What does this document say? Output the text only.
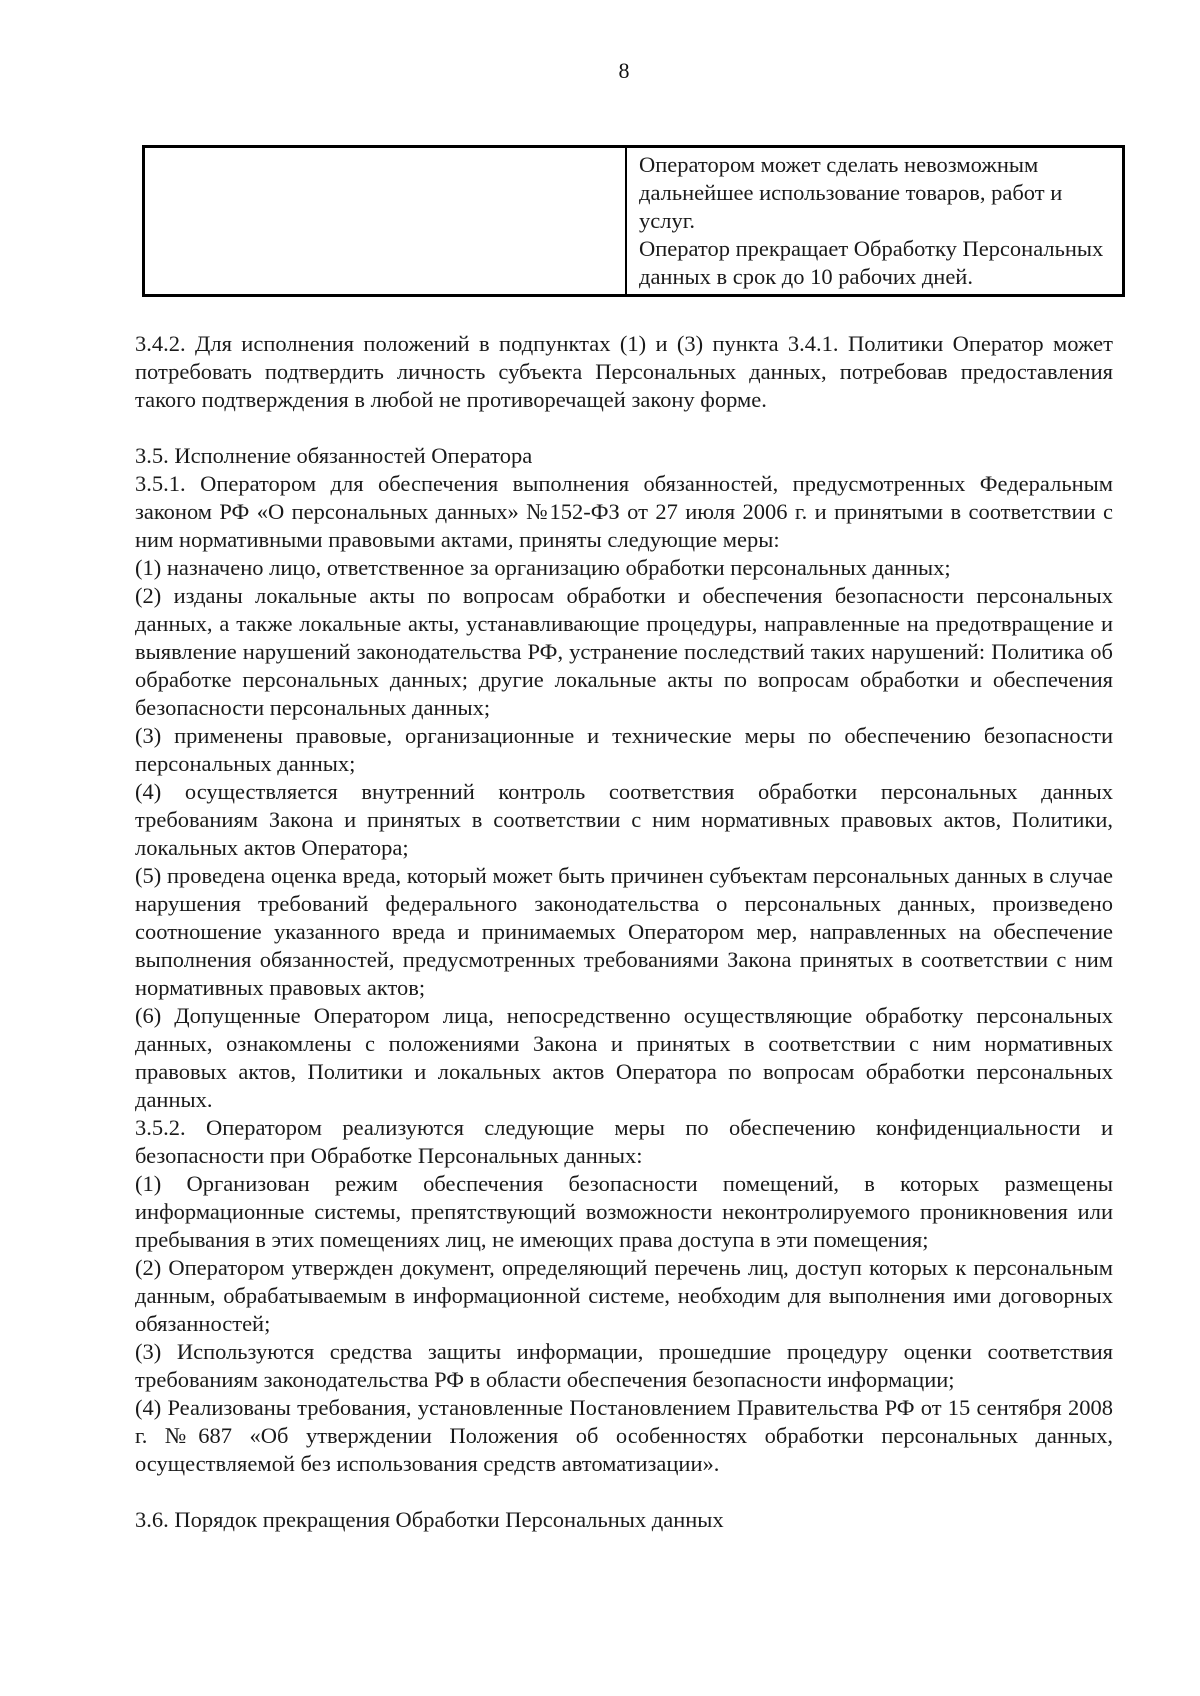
8

Оператором может сделать невозможным дальнейшее использование товаров, работ и услуг.

Оператор прекращает Обработку Персональных данных в срок до 10 рабочих дней.

3.4.2. Для исполнения положений в подпунктах (1) и (3) пункта 3.4.1. Политики Оператор может потребовать подтвердить личность субъекта Персональных данных, потребовав предоставления такого подтверждения в любой не противоречащей закону форме.

3.5. Исполнение обязанностей Оператора

3.5.1. Оператором для обеспечения выполнения обязанностей, предусмотренных Федеральным законом РФ «О персональных данных» №152-ФЗ от 27 июля 2006 г. и принятыми в соответствии с ним нормативными правовыми актами, приняты следующие меры:

(1) назначено лицо, ответственное за организацию обработки персональных данных;

(2) изданы локальные акты по вопросам обработки и обеспечения безопасности персональных данных, а также локальные акты, устанавливающие процедуры, направленные на предотвращение и выявление нарушений законодательства РФ, устранение последствий таких нарушений: Политика об обработке персональных данных; другие локальные акты по вопросам обработки и обеспечения безопасности персональных данных;

(3) применены правовые, организационные и технические меры по обеспечению безопасности персональных данных;

(4) осуществляется внутренний контроль соответствия обработки персональных данных требованиям Закона и принятых в соответствии с ним нормативных правовых актов, Политики, локальных актов Оператора;

(5) проведена оценка вреда, который может быть причинен субъектам персональных данных в случае нарушения требований федерального законодательства о персональных данных, произведено соотношение указанного вреда и принимаемых Оператором мер, направленных на обеспечение выполнения обязанностей, предусмотренных требованиями Закона принятых в соответствии с ним нормативных правовых актов;

(6) Допущенные Оператором лица, непосредственно осуществляющие обработку персональных данных, ознакомлены с положениями Закона и принятых в соответствии с ним нормативных правовых актов, Политики и локальных актов Оператора по вопросам обработки персональных данных.

3.5.2. Оператором реализуются следующие меры по обеспечению конфиденциальности и безопасности при Обработке Персональных данных:

(1) Организован режим обеспечения безопасности помещений, в которых размещены информационные системы, препятствующий возможности неконтролируемого проникновения или пребывания в этих помещениях лиц, не имеющих права доступа в эти помещения;

(2) Оператором утвержден документ, определяющий перечень лиц, доступ которых к персональным данным, обрабатываемым в информационной системе, необходим для выполнения ими договорных обязанностей;

(3) Используются средства защиты информации, прошедшие процедуру оценки соответствия требованиям законодательства РФ в области обеспечения безопасности информации;

(4) Реализованы требования, установленные Постановлением Правительства РФ от 15 сентября 2008 г. №687 «Об утверждении Положения об особенностях обработки персональных данных, осуществляемой без использования средств автоматизации».

3.6. Порядок прекращения Обработки Персональных данных
